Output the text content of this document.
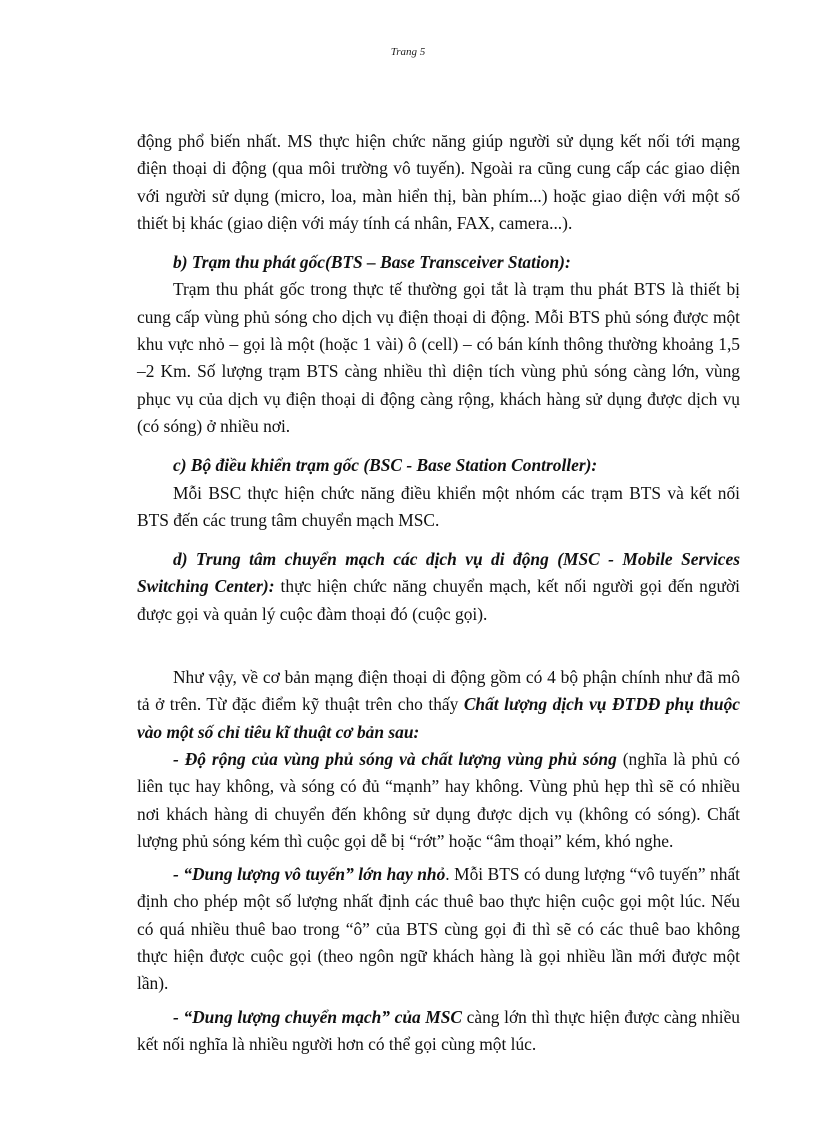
Trang 5

động phổ biến nhất. MS thực hiện chức năng giúp người sử dụng kết nối tới mạng điện thoại di động (qua môi trường vô tuyến). Ngoài ra cũng cung cấp các giao diện với người sử dụng (micro, loa, màn hiển thị, bàn phím...) hoặc giao diện với một số thiết bị khác (giao diện với máy tính cá nhân, FAX, camera...).

b) Trạm thu phát gốc(BTS – Base Transceiver Station):

Trạm thu phát gốc trong thực tế thường gọi tắt là trạm thu phát BTS là thiết bị cung cấp vùng phủ sóng cho dịch vụ điện thoại di động. Mỗi BTS phủ sóng được một khu vực nhỏ – gọi là một (hoặc 1 vài) ô (cell) – có bán kính thông thường khoảng 1,5 –2 Km. Số lượng trạm BTS càng nhiều thì diện tích vùng phủ sóng càng lớn, vùng phục vụ của dịch vụ điện thoại di động càng rộng, khách hàng sử dụng được dịch vụ (có sóng) ở nhiều nơi.

c) Bộ điều khiển trạm gốc (BSC - Base Station Controller):

Mỗi BSC thực hiện chức năng điều khiển một nhóm các trạm BTS và kết nối BTS đến các trung tâm chuyển mạch MSC.

d) Trung tâm chuyển mạch các dịch vụ di động (MSC - Mobile Services Switching Center): thực hiện chức năng chuyển mạch, kết nối người gọi đến người được gọi và quản lý cuộc đàm thoại đó (cuộc gọi).

Như vậy, về cơ bản mạng điện thoại di động gồm có 4 bộ phận chính như đã mô tả ở trên. Từ đặc điểm kỹ thuật trên cho thấy Chất lượng dịch vụ ĐTDĐ phụ thuộc vào một số chỉ tiêu kĩ thuật cơ bản sau:

- Độ rộng của vùng phủ sóng và chất lượng vùng phủ sóng (nghĩa là phủ có liên tục hay không, và sóng có đủ “mạnh” hay không. Vùng phủ hẹp thì sẽ có nhiều nơi khách hàng di chuyển đến không sử dụng được dịch vụ (không có sóng). Chất lượng phủ sóng kém thì cuộc gọi dễ bị “rớt” hoặc “âm thoại” kém, khó nghe.

- “Dung lượng vô tuyến” lớn hay nhỏ. Mỗi BTS có dung lượng “vô tuyến” nhất định cho phép một số lượng nhất định các thuê bao thực hiện cuộc gọi một lúc. Nếu có quá nhiều thuê bao trong “ô” của BTS cùng gọi đi thì sẽ có các thuê bao không thực hiện được cuộc gọi (theo ngôn ngữ khách hàng là gọi nhiều lần mới được một lần).

- “Dung lượng chuyển mạch” của MSC càng lớn thì thực hiện được càng nhiều kết nối nghĩa là nhiều người hơn có thể gọi cùng một lúc.
